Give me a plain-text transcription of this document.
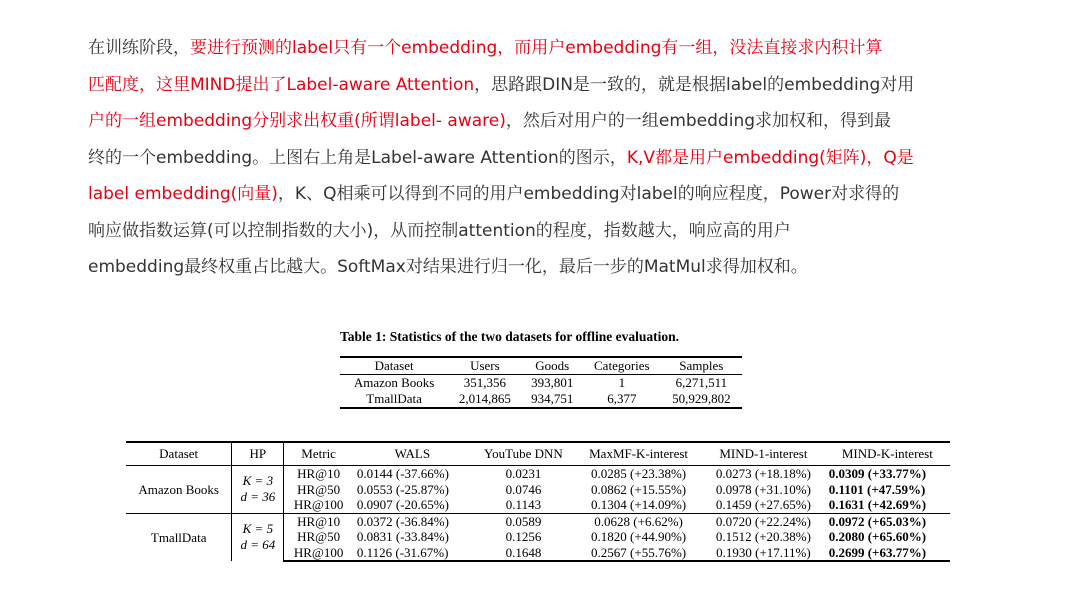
在训练阶段，要进行预测的label只有一个embedding，而用户embedding有一组，没法直接求内积计算
匹配度，这里MIND提出了Label-aware Attention，思路跟DIN是一致的，就是根据label的embedding对用
户的一组embedding分别求出权重(所谓label- aware)，然后对用户的一组embedding求加权和，得到最
终的一个embedding。上图右上角是Label-aware Attention的图示，K,V都是用户embedding(矩阵)，Q是
label embedding(向量)，K、Q相乘可以得到不同的用户embedding对label的响应程度，Power对求得的
响应做指数运算(可以控制指数的大小)，从而控制attention的程度，指数越大，响应高的用户
embedding最终权重占比越大。SoftMax对结果进行归一化，最后一步的MatMul求得加权和。
Table 1: Statistics of the two datasets for offline evaluation.
Dataset	Users	Goods	Categories	Samples
Amazon Books	351,356	393,801	1	6,271,511
TmallData	2,014,865	934,751	6,377	50,929,802
Dataset	HP	Metric	WALS	YouTube DNN	MaxMF-K-interest	MIND-1-interest	MIND-K-interest
Amazon Books	K = 3
d = 36	HR@10	0.0144 (-37.66%)	0.0231	0.0285 (+23.38%)	0.0273 (+18.18%)	0.0309 (+33.77%)
		HR@50	0.0553 (-25.87%)	0.0746	0.0862 (+15.55%)	0.0978 (+31.10%)	0.1101 (+47.59%)
		HR@100	0.0907 (-20.65%)	0.1143	0.1304 (+14.09%)	0.1459 (+27.65%)	0.1631 (+42.69%)
TmallData	K = 5
d = 64	HR@10	0.0372 (-36.84%)	0.0589	0.0628 (+6.62%)	0.0720 (+22.24%)	0.0972 (+65.03%)
		HR@50	0.0831 (-33.84%)	0.1256	0.1820 (+44.90%)	0.1512 (+20.38%)	0.2080 (+65.60%)
		HR@100	0.1126 (-31.67%)	0.1648	0.2567 (+55.76%)	0.1930 (+17.11%)	0.2699 (+63.77%)
